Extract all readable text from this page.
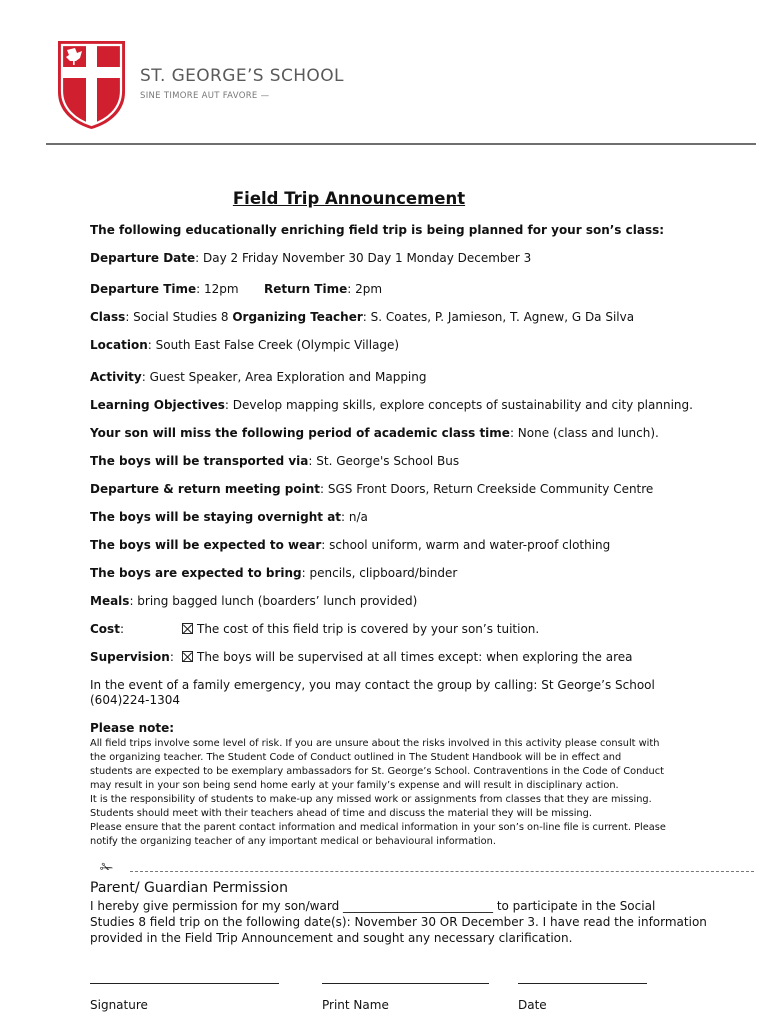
ST. GEORGE’S SCHOOL
SINE TIMORE AUT FAVORE —
Field Trip Announcement
The following educationally enriching field trip is being planned for your son’s class:
Departure Date: Day 2 Friday November 30 Day 1 Monday December 3
Departure Time: 12pm Return Time: 2pm
Class: Social Studies 8 Organizing Teacher: S. Coates, P. Jamieson, T. Agnew, G Da Silva
Location: South East False Creek (Olympic Village)
Activity: Guest Speaker, Area Exploration and Mapping
Learning Objectives: Develop mapping skills, explore concepts of sustainability and city planning.
Your son will miss the following period of academic class time: None (class and lunch).
The boys will be transported via: St. George's School Bus
Departure & return meeting point: SGS Front Doors, Return Creekside Community Centre
The boys will be staying overnight at: n/a
The boys will be expected to wear: school uniform, warm and water-proof clothing
The boys are expected to bring: pencils, clipboard/binder
Meals: bring bagged lunch (boarders’ lunch provided)
Cost:	The cost of this field trip is covered by your son’s tuition.
Supervision:	The boys will be supervised at all times except: when exploring the area
In the event of a family emergency, you may contact the group by calling: St George’s School
(604)224-1304
Please note:
All field trips involve some level of risk. If you are unsure about the risks involved in this activity please consult with
the organizing teacher. The Student Code of Conduct outlined in The Student Handbook will be in effect and
students are expected to be exemplary ambassadors for St. George’s School. Contraventions in the Code of Conduct
may result in your son being send home early at your family’s expense and will result in disciplinary action.
It is the responsibility of students to make-up any missed work or assignments from classes that they are missing.
Students should meet with their teachers ahead of time and discuss the material they will be missing.
Please ensure that the parent contact information and medical information in your son’s on-line file is current. Please
notify the organizing teacher of any important medical or behavioural information.
✁
Parent/ Guardian Permission
I hereby give permission for my son/ward _________________________ to participate in the Social
Studies 8 field trip on the following date(s): November 30 OR December 3. I have read the information
provided in the Field Trip Announcement and sought any necessary clarification.
Signature	Print Name	Date
